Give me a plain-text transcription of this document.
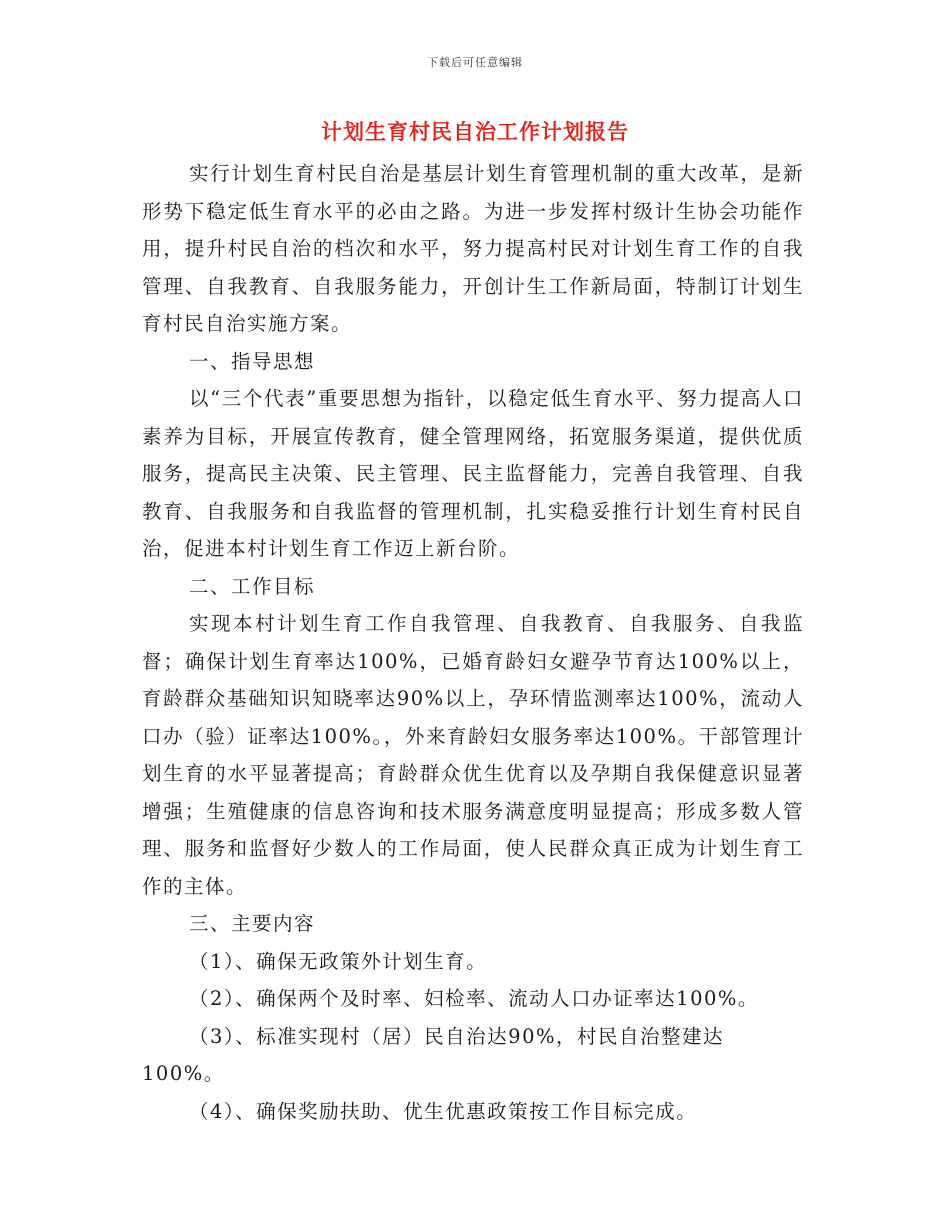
下载后可任意编辑
计划生育村民自治工作计划报告

实行计划生育村民自治是基层计划生育管理机制的重大改革，是新形势下稳定低生育水平的必由之路。为进一步发挥村级计生协会功能作用，提升村民自治的档次和水平，努力提高村民对计划生育工作的自我管理、自我教育、自我服务能力，开创计生工作新局面，特制订计划生育村民自治实施方案。

一、指导思想

以“三个代表”重要思想为指针，以稳定低生育水平、努力提高人口素养为目标，开展宣传教育，健全管理网络，拓宽服务渠道，提供优质服务，提高民主决策、民主管理、民主监督能力，完善自我管理、自我教育、自我服务和自我监督的管理机制，扎实稳妥推行计划生育村民自治，促进本村计划生育工作迈上新台阶。

二、工作目标

实现本村计划生育工作自我管理、自我教育、自我服务、自我监督；确保计划生育率达100%，已婚育龄妇女避孕节育达100%以上，育龄群众基础知识知晓率达90%以上，孕环情监测率达100%，流动人口办（验）证率达100%。，外来育龄妇女服务率达100%。干部管理计划生育的水平显著提高；育龄群众优生优育以及孕期自我保健意识显著增强；生殖健康的信息咨询和技术服务满意度明显提高；形成多数人管理、服务和监督好少数人的工作局面，使人民群众真正成为计划生育工作的主体。

三、主要内容

（1）、确保无政策外计划生育。

（2）、确保两个及时率、妇检率、流动人口办证率达100%。

（3）、标准实现村（居）民自治达90%，村民自治整建达100%。

（4）、确保奖励扶助、优生优惠政策按工作目标完成。
